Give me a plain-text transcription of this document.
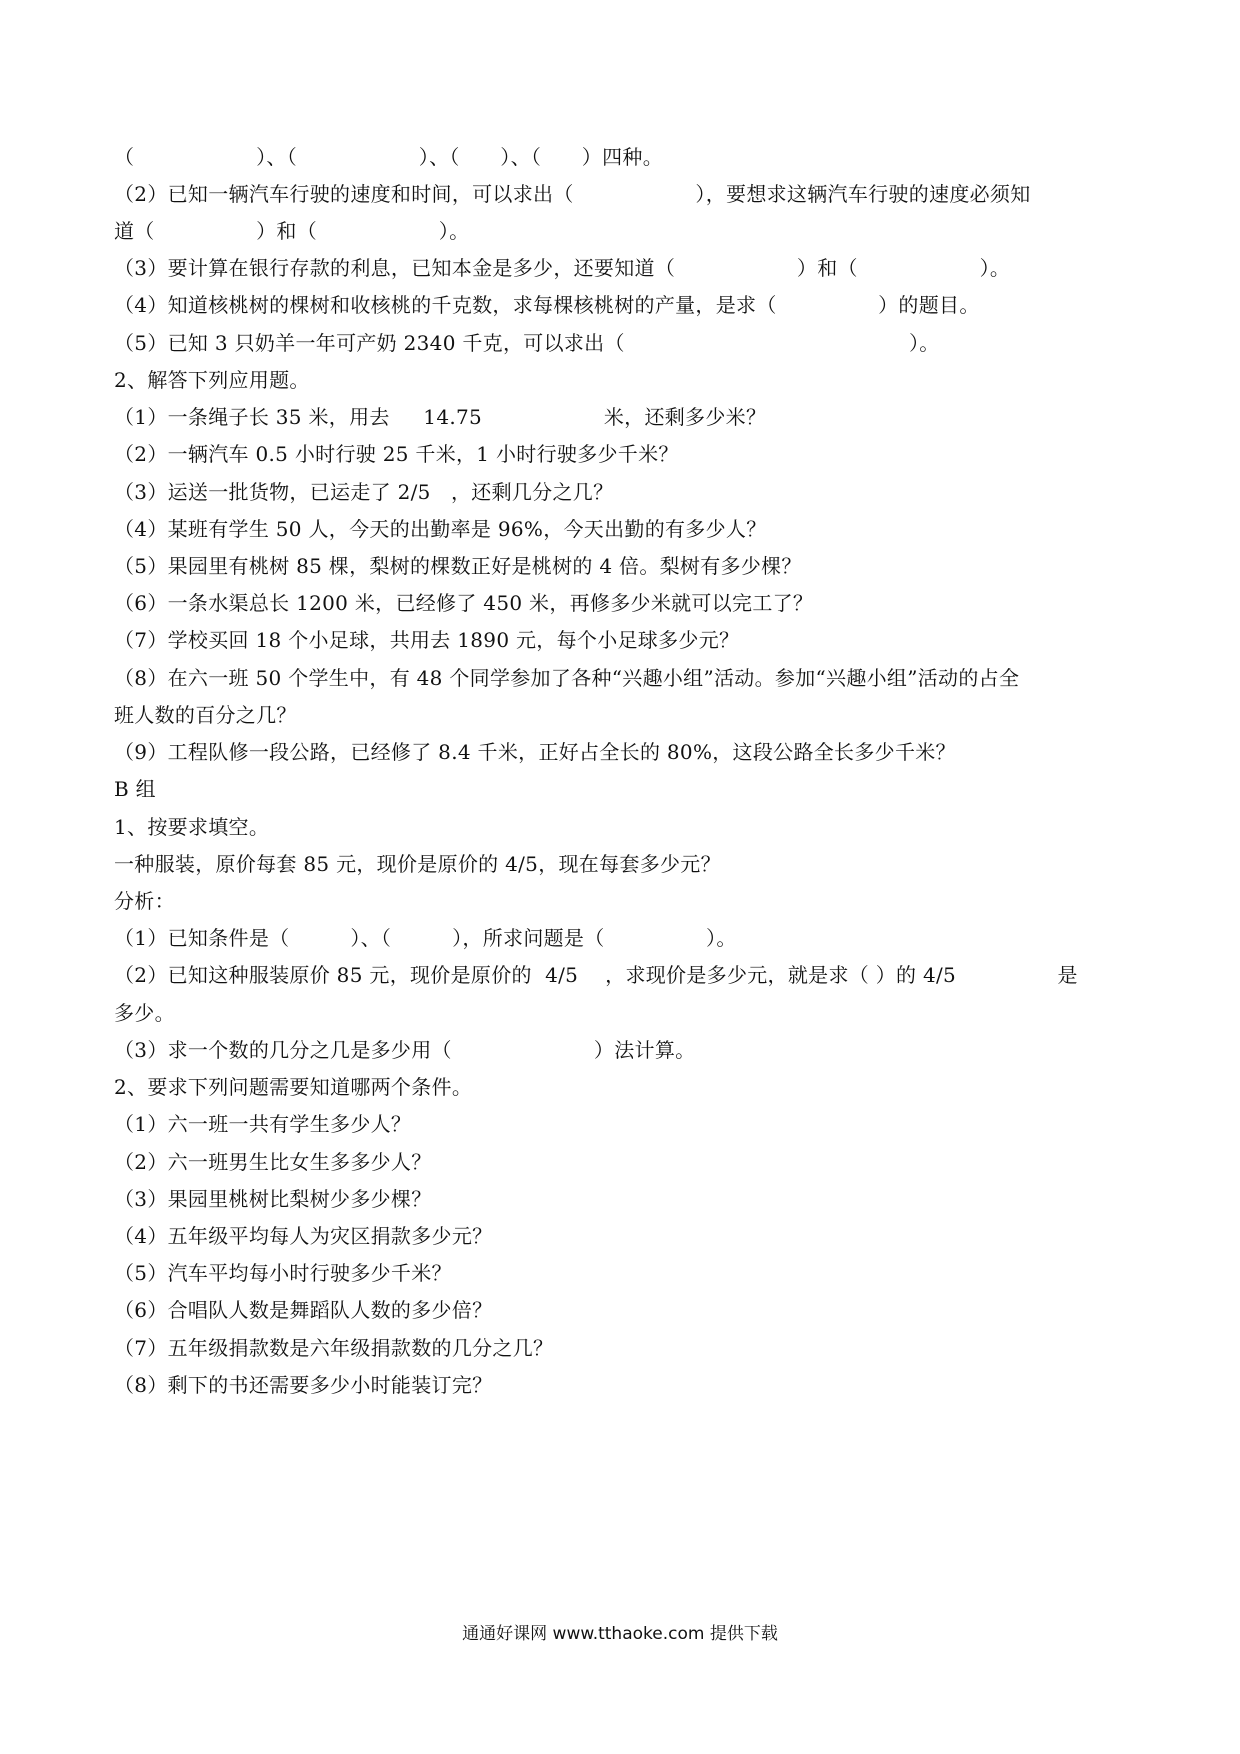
（　　　　　　）、（　　　　　　）、（　　）、（　　）四种。
（2）已知一辆汽车行驶的速度和时间，可以求出（　　　　　　），要想求这辆汽车行驶的速度必须知
道（　　　　　）和（　　　　　　）。
（3）要计算在银行存款的利息，已知本金是多少，还要知道（　　　　　　）和（　　　　　　）。
（4）知道核桃树的棵树和收核桃的千克数，求每棵核桃树的产量，是求（　　　　　）的题目。
（5）已知 3 只奶羊一年可产奶 2340 千克，可以求出（　　　　　　　　　　　　　　）。
2、解答下列应用题。
（1）一条绳子长 35 米，用去　  14.75　　　　　　米，还剩多少米？
（2）一辆汽车 0.5 小时行驶 25 千米，1 小时行驶多少千米？
（3）运送一批货物，已运走了 2/5　，还剩几分之几？
（4）某班有学生 50 人，今天的出勤率是 96%，今天出勤的有多少人？
（5）果园里有桃树 85 棵，梨树的棵数正好是桃树的 4 倍。梨树有多少棵？
（6）一条水渠总长 1200 米，已经修了 450 米，再修多少米就可以完工了？
（7）学校买回 18 个小足球，共用去 1890 元，每个小足球多少元？
（8）在六一班 50 个学生中，有 48 个同学参加了各种“兴趣小组”活动。参加“兴趣小组”活动的占全
班人数的百分之几？
（9）工程队修一段公路，已经修了 8.4 千米，正好占全长的 80%，这段公路全长多少千米？
B 组
1、按要求填空。
一种服装，原价每套 85 元，现价是原价的 4/5，现在每套多少元？
分析：
（1）已知条件是（　　　）、（　　　），所求问题是（　　　　　）。
（2）已知这种服装原价 85 元，现价是原价的  4/5　 ，求现价是多少元，就是求（ ）的 4/5　　　　　是
多少。
（3）求一个数的几分之几是多少用（　　　　　　　）法计算。
2、要求下列问题需要知道哪两个条件。
（1）六一班一共有学生多少人？
（2）六一班男生比女生多多少人？
（3）果园里桃树比梨树少多少棵？
（4）五年级平均每人为灾区捐款多少元？
（5）汽车平均每小时行驶多少千米？
（6）合唱队人数是舞蹈队人数的多少倍？
（7）五年级捐款数是六年级捐款数的几分之几？
（8）剩下的书还需要多少小时能装订完？
通通好课网 www.tthaoke.com 提供下载
